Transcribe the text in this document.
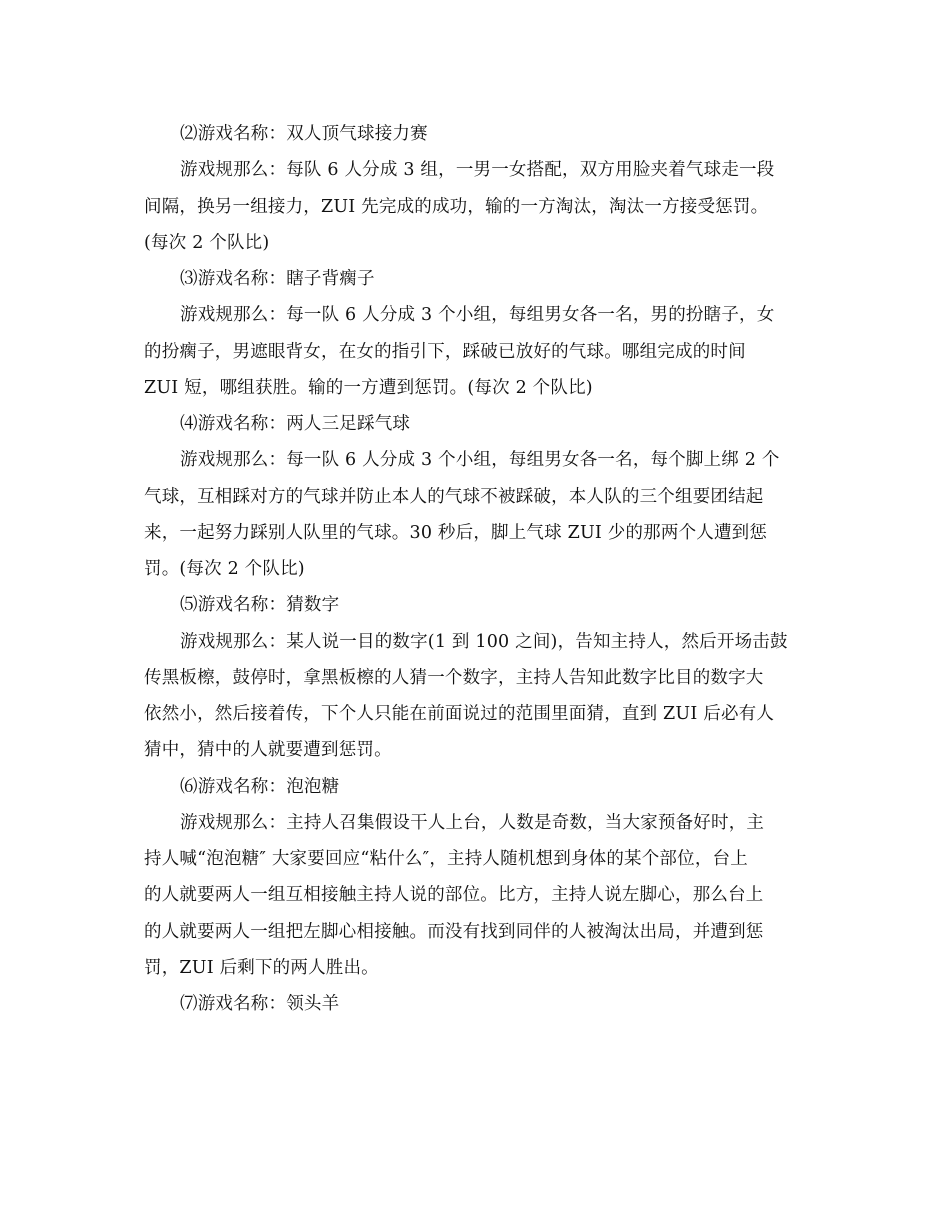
⑵游戏名称：双人顶气球接力赛
游戏规那么：每队 6 人分成 3 组，一男一女搭配，双方用脸夹着气球走一段
间隔，换另一组接力，ZUI 先完成的成功，输的一方淘汰，淘汰一方接受惩罚。
(每次 2 个队比)
⑶游戏名称：瞎子背瘸子
游戏规那么：每一队 6 人分成 3 个小组，每组男女各一名，男的扮瞎子，女
的扮瘸子，男遮眼背女，在女的指引下，踩破已放好的气球。哪组完成的时间
ZUI 短，哪组获胜。输的一方遭到惩罚。(每次 2 个队比)
⑷游戏名称：两人三足踩气球
游戏规那么：每一队 6 人分成 3 个小组，每组男女各一名，每个脚上绑 2 个
气球，互相踩对方的气球并防止本人的气球不被踩破，本人队的三个组要团结起
来，一起努力踩别人队里的气球。30 秒后，脚上气球 ZUI 少的那两个人遭到惩
罚。(每次 2 个队比)
⑸游戏名称：猜数字
游戏规那么：某人说一目的数字(1 到 100 之间)，告知主持人，然后开场击鼓
传黑板檫，鼓停时，拿黑板檫的人猜一个数字，主持人告知此数字比目的数字大
依然小，然后接着传，下个人只能在前面说过的范围里面猜，直到 ZUI 后必有人
猜中，猜中的人就要遭到惩罚。
⑹游戏名称：泡泡糖
游戏规那么：主持人召集假设干人上台，人数是奇数，当大家预备好时，主
持人喊“泡泡糖″ 大家要回应“粘什么″，主持人随机想到身体的某个部位，台上
的人就要两人一组互相接触主持人说的部位。比方，主持人说左脚心，那么台上
的人就要两人一组把左脚心相接触。而没有找到同伴的人被淘汰出局，并遭到惩
罚，ZUI 后剩下的两人胜出。
⑺游戏名称：领头羊
